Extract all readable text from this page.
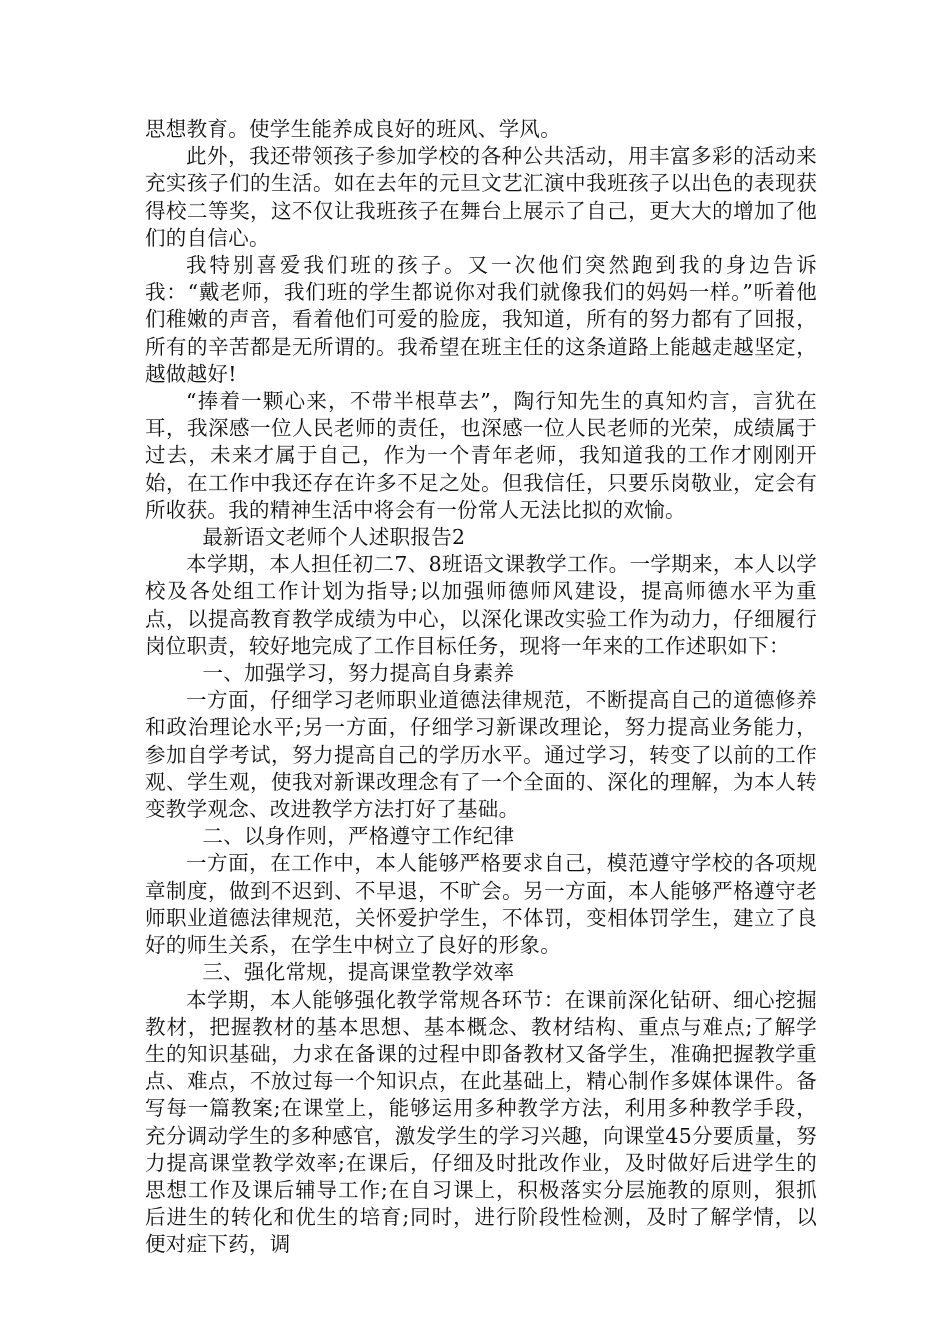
思想教育。使学生能养成良好的班风、学风。

此外，我还带领孩子参加学校的各种公共活动，用丰富多彩的活动来充实孩子们的生活。如在去年的元旦文艺汇演中我班孩子以出色的表现获得校二等奖，这不仅让我班孩子在舞台上展示了自己，更大大的增加了他们的自信心。

我特别喜爱我们班的孩子。又一次他们突然跑到我的身边告诉我：“戴老师，我们班的学生都说你对我们就像我们的妈妈一样。”听着他们稚嫩的声音，看着他们可爱的脸庞，我知道，所有的努力都有了回报，所有的辛苦都是无所谓的。我希望在班主任的这条道路上能越走越坚定，越做越好!

“捧着一颗心来，不带半根草去”，陶行知先生的真知灼言，言犹在耳，我深感一位人民老师的责任，也深感一位人民老师的光荣，成绩属于过去，未来才属于自己，作为一个青年老师，我知道我的工作才刚刚开始，在工作中我还存在许多不足之处。但我信任，只要乐岗敬业，定会有所收获。我的精神生活中将会有一份常人无法比拟的欢愉。

最新语文老师个人述职报告2

本学期，本人担任初二7、8班语文课教学工作。一学期来，本人以学校及各处组工作计划为指导;以加强师德师风建设，提高师德水平为重点，以提高教育教学成绩为中心，以深化课改实验工作为动力，仔细履行岗位职责，较好地完成了工作目标任务，现将一年来的工作述职如下：

一、加强学习，努力提高自身素养

一方面，仔细学习老师职业道德法律规范，不断提高自己的道德修养和政治理论水平;另一方面，仔细学习新课改理论，努力提高业务能力，参加自学考试，努力提高自己的学历水平。通过学习，转变了以前的工作观、学生观，使我对新课改理念有了一个全面的、深化的理解，为本人转变教学观念、改进教学方法打好了基础。

二、以身作则，严格遵守工作纪律

一方面，在工作中，本人能够严格要求自己，模范遵守学校的各项规章制度，做到不迟到、不早退，不旷会。另一方面，本人能够严格遵守老师职业道德法律规范，关怀爱护学生，不体罚，变相体罚学生，建立了良好的师生关系，在学生中树立了良好的形象。

三、强化常规，提高课堂教学效率

本学期，本人能够强化教学常规各环节：在课前深化钻研、细心挖掘教材，把握教材的基本思想、基本概念、教材结构、重点与难点;了解学生的知识基础，力求在备课的过程中即备教材又备学生，准确把握教学重点、难点，不放过每一个知识点，在此基础上，精心制作多媒体课件。备写每一篇教案;在课堂上，能够运用多种教学方法，利用多种教学手段，充分调动学生的多种感官，激发学生的学习兴趣，向课堂45分要质量，努力提高课堂教学效率;在课后，仔细及时批改作业，及时做好后进学生的思想工作及课后辅导工作;在自习课上，积极落实分层施教的原则，狠抓后进生的转化和优生的培育;同时，进行阶段性检测，及时了解学情，以便对症下药，调
